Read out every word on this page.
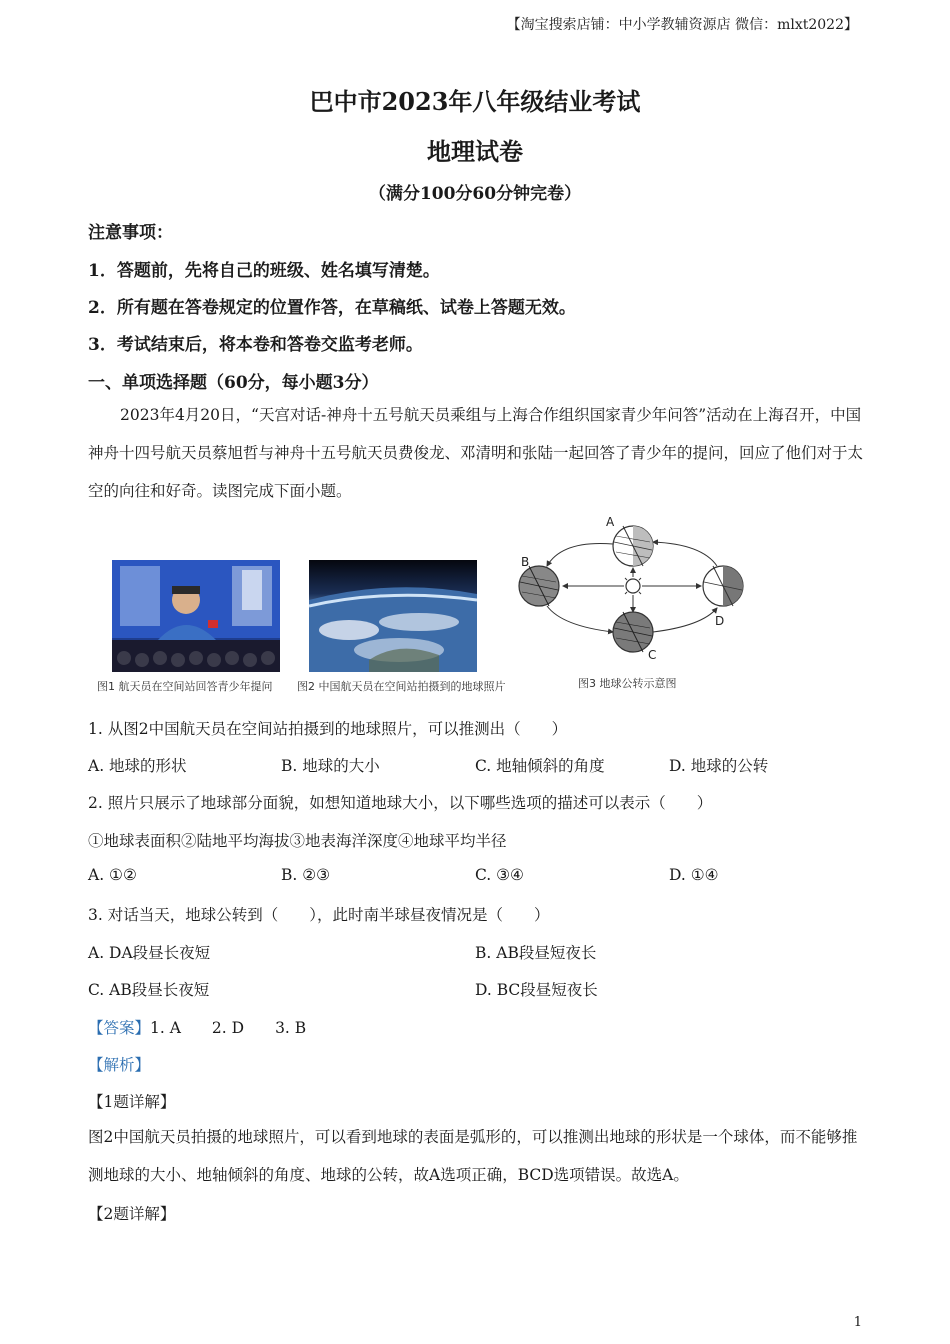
【淘宝搜索店铺：中小学教辅资源店 微信：mlxt2022】
巴中市2023年八年级结业考试
地理试卷
（满分100分60分钟完卷）
注意事项：
1．答题前，先将自己的班级、姓名填写清楚。
2．所有题在答卷规定的位置作答，在草稿纸、试卷上答题无效。
3．考试结束后，将本卷和答卷交监考老师。
一、单项选择题（60分，每小题3分）
2023年4月20日，“天宫对话-神舟十五号航天员乘组与上海合作组织国家青少年问答”活动在上海召开，中国神舟十四号航天员蔡旭哲与神舟十五号航天员费俊龙、邓清明和张陆一起回答了青少年的提问，回应了他们对于太空的向往和好奇。读图完成下面小题。
图1 航天员在空间站回答青少年提问 图2 中国航天员在空间站拍摄到的地球照片
A
B
C
D
图3 地球公转示意图
1. 从图2中国航天员在空间站拍摄到的地球照片，可以推测出（　　）
A. 地球的形状	B. 地球的大小	C. 地轴倾斜的角度	D. 地球的公转
2. 照片只展示了地球部分面貌，如想知道地球大小，以下哪些选项的描述可以表示（　　）
①地球表面积②陆地平均海拔③地表海洋深度④地球平均半径
A. ①②	B. ②③	C. ③④	D. ①④
3. 对话当天，地球公转到（　　），此时南半球昼夜情况是（　　）
A. DA段昼长夜短	B. AB段昼短夜长
C. AB段昼长夜短	D. BC段昼短夜长
【答案】1. A　　2. D　　3. B
【解析】
【1题详解】
图2中国航天员拍摄的地球照片，可以看到地球的表面是弧形的，可以推测出地球的形状是一个球体，而不能够推测地球的大小、地轴倾斜的角度、地球的公转，故A选项正确，BCD选项错误。故选A。
【2题详解】
1
